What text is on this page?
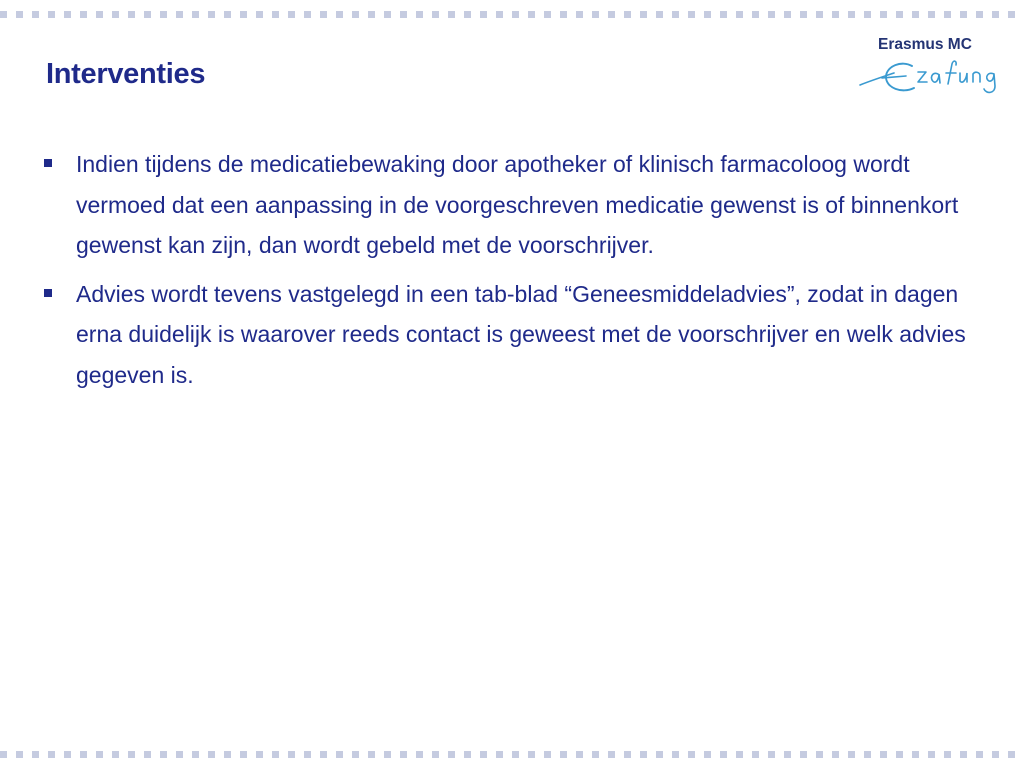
Interventies
Erasmus MC
Indien tijdens de medicatiebewaking door apotheker of klinisch farmacoloog wordt vermoed dat een aanpassing in de voorgeschreven medicatie gewenst is of binnenkort gewenst kan zijn, dan wordt gebeld met de voorschrijver.
Advies wordt tevens vastgelegd in een tab-blad “Geneesmiddeladvies”, zodat in dagen erna duidelijk is waarover reeds contact is geweest met de voorschrijver en welk advies gegeven is.
